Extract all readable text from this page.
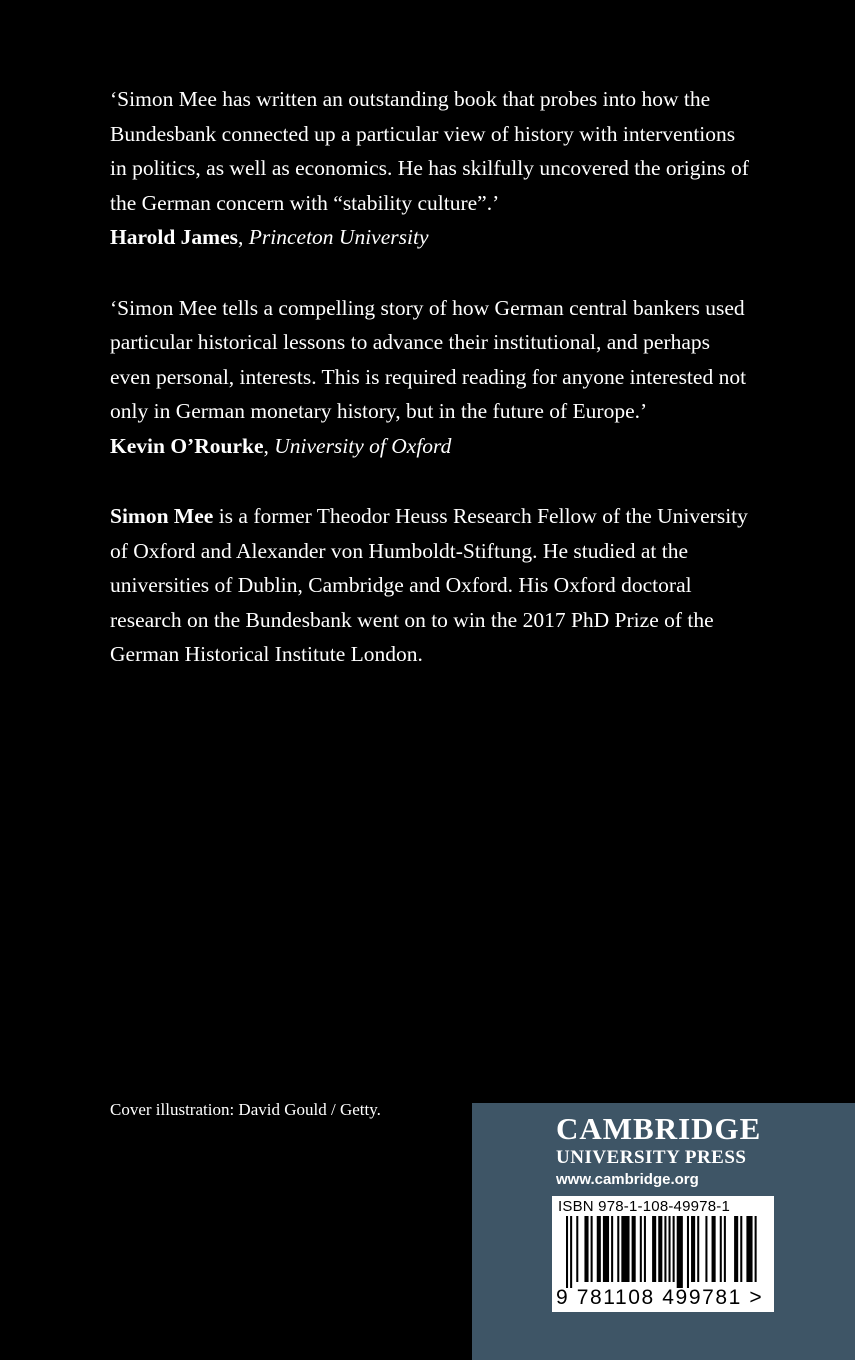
‘Simon Mee has written an outstanding book that probes into how the
Bundesbank connected up a particular view of history with interventions
in politics, as well as economics. He has skilfully uncovered the origins of
the German concern with “stability culture”.’

Harold James, Princeton University

‘Simon Mee tells a compelling story of how German central bankers used
particular historical lessons to advance their institutional, and perhaps
even personal, interests. This is required reading for anyone interested not
only in German monetary history, but in the future of Europe.’

Kevin O’Rourke, University of Oxford

Simon Mee is a former Theodor Heuss Research Fellow of the University
of Oxford and Alexander von Humboldt-Stiftung. He studied at the
universities of Dublin, Cambridge and Oxford. His Oxford doctoral
research on the Bundesbank went on to win the 2017 PhD Prize of the
German Historical Institute London.

Cover illustration: David Gould / Getty.
CAMBRIDGE
UNIVERSITY PRESS
www.cambridge.org
ISBN 978-1-108-49978-1
9 781108 499781 >
